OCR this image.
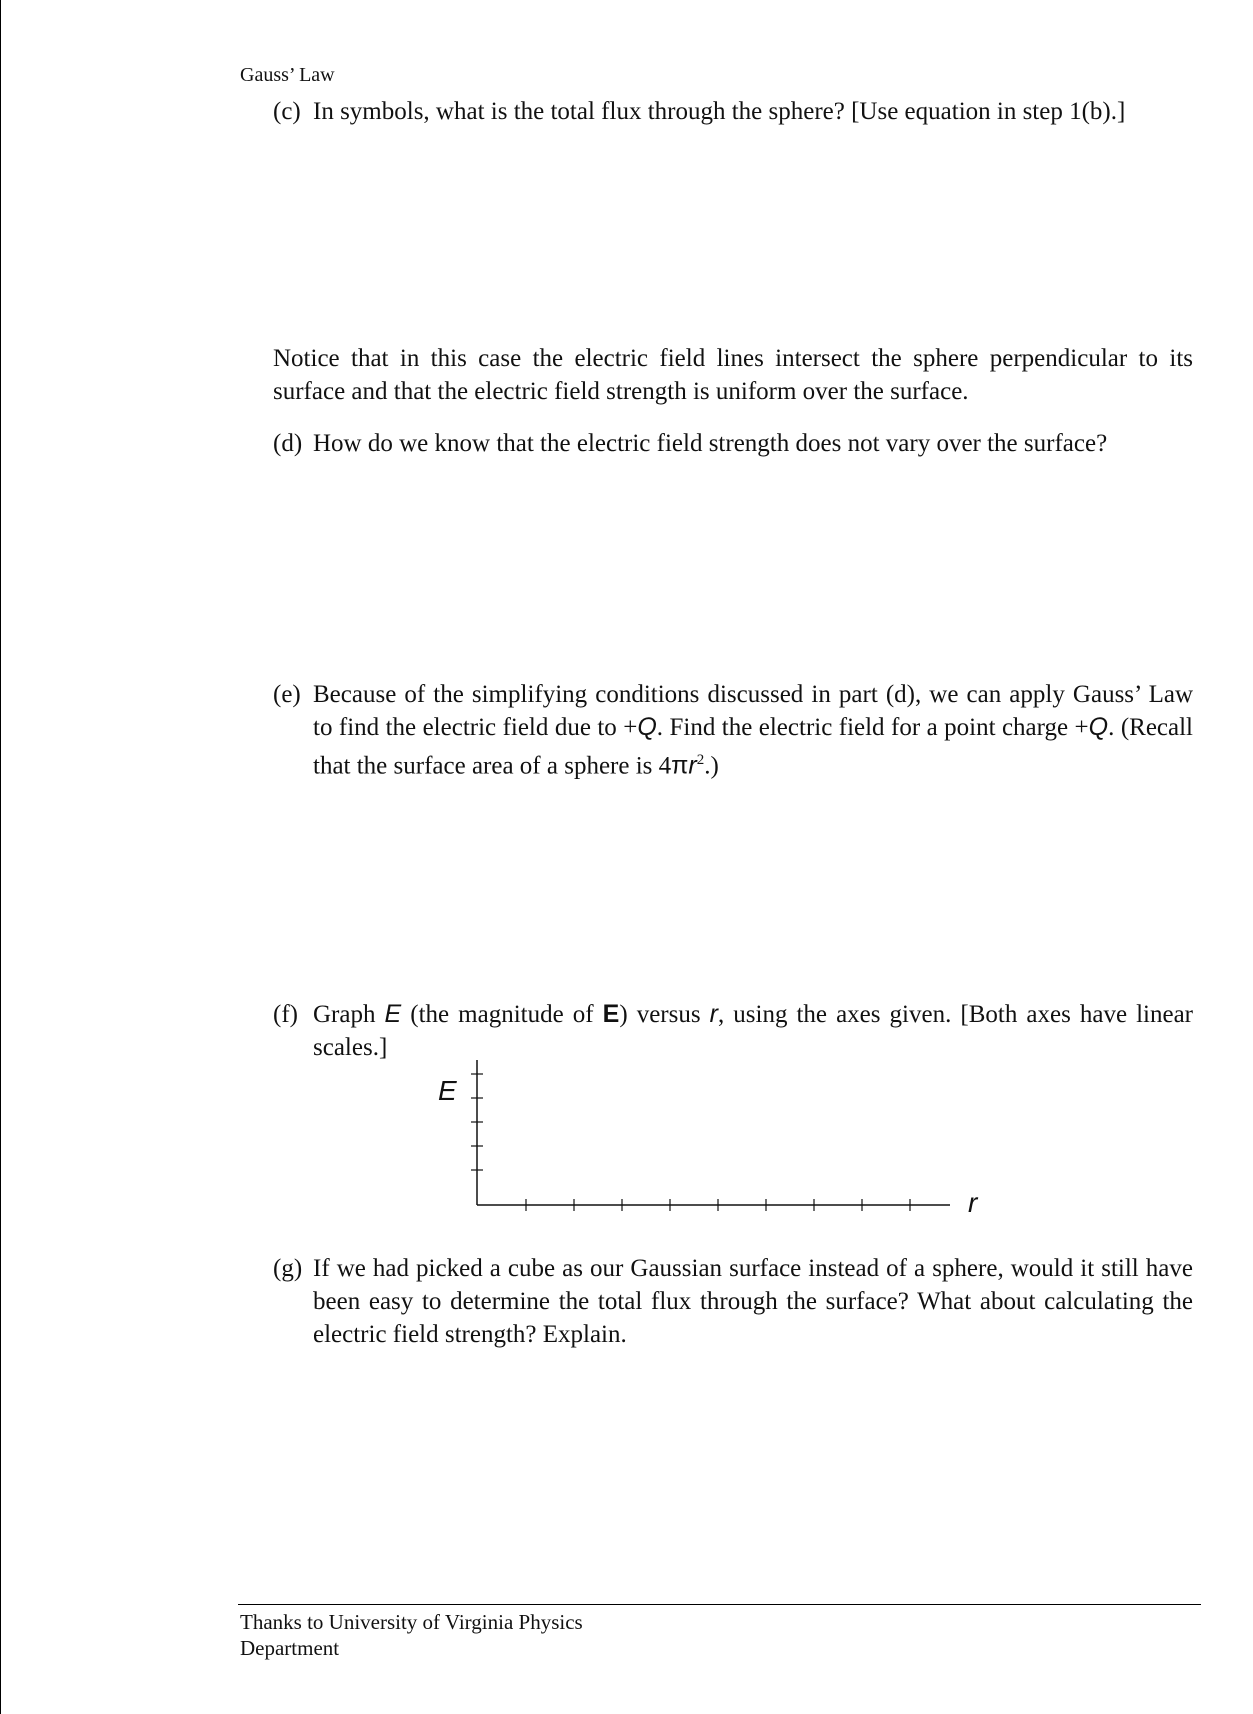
Gauss’ Law
(c) In symbols, what is the total flux through the sphere? [Use equation in step 1(b).]
Notice that in this case the electric field lines intersect the sphere perpendicular to its surface and that the electric field strength is uniform over the surface.
(d) How do we know that the electric field strength does not vary over the surface?
(e) Because of the simplifying conditions discussed in part (d), we can apply Gauss’ Law to find the electric field due to +Q. Find the electric field for a point charge +Q. (Recall that the surface area of a sphere is $4\pi r^2$.)
(f) Graph E (the magnitude of E) versus r, using the axes given. [Both axes have linear scales.]
E
r
(g) If we had picked a cube as our Gaussian surface instead of a sphere, would it still have been easy to determine the total flux through the surface? What about calculating the electric field strength? Explain.
Thanks to University of Virginia Physics
Department
